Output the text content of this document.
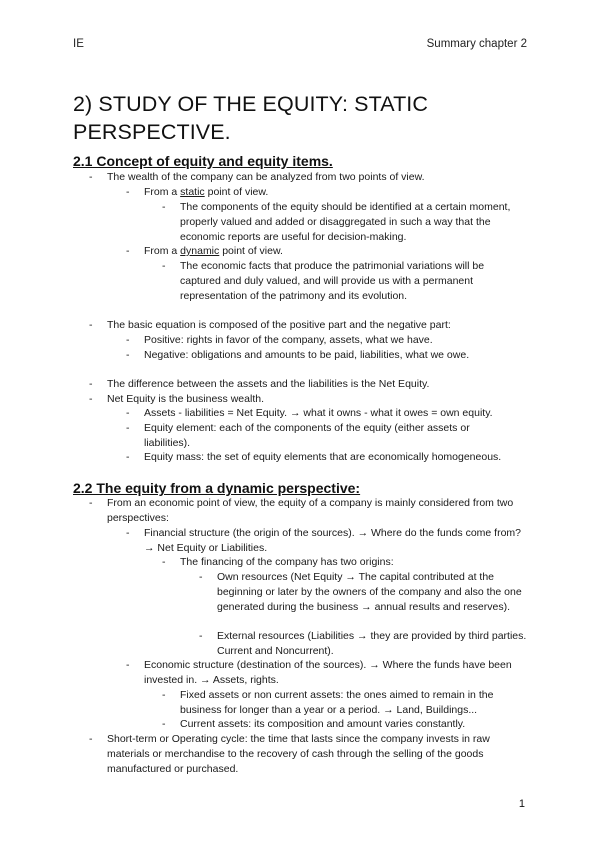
IE	Summary chapter 2
2) STUDY OF THE EQUITY: STATIC PERSPECTIVE.
2.1 Concept of equity and equity items.
- The wealth of the company can be analyzed from two points of view.
- From a static point of view.
- The components of the equity should be identified at a certain moment, properly valued and added or disaggregated in such a way that the economic reports are useful for decision-making.
- From a dynamic point of view.
- The economic facts that produce the patrimonial variations will be captured and duly valued, and will provide us with a permanent representation of the patrimony and its evolution.
- The basic equation is composed of the positive part and the negative part:
- Positive: rights in favor of the company, assets, what we have.
- Negative: obligations and amounts to be paid, liabilities, what we owe.
- The difference between the assets and the liabilities is the Net Equity.
- Net Equity is the business wealth.
- Assets - liabilities = Net Equity. → what it owns - what it owes = own equity.
- Equity element: each of the components of the equity (either assets or liabilities).
- Equity mass: the set of equity elements that are economically homogeneous.
2.2 The equity from a dynamic perspective:
- From an economic point of view, the equity of a company is mainly considered from two perspectives:
- Financial structure (the origin of the sources). → Where do the funds come from? → Net Equity or Liabilities.
- The financing of the company has two origins:
- Own resources (Net Equity → The capital contributed at the beginning or later by the owners of the company and also the one generated during the business → annual results and reserves).
- External resources (Liabilities → they are provided by third parties. Current and Noncurrent).
- Economic structure (destination of the sources). → Where the funds have been invested in. → Assets, rights.
- Fixed assets or non current assets: the ones aimed to remain in the business for longer than a year or a period. → Land, Buildings...
- Current assets: its composition and amount varies constantly.
- Short-term or Operating cycle: the time that lasts since the company invests in raw materials or merchandise to the recovery of cash through the selling of the goods manufactured or purchased.
1
